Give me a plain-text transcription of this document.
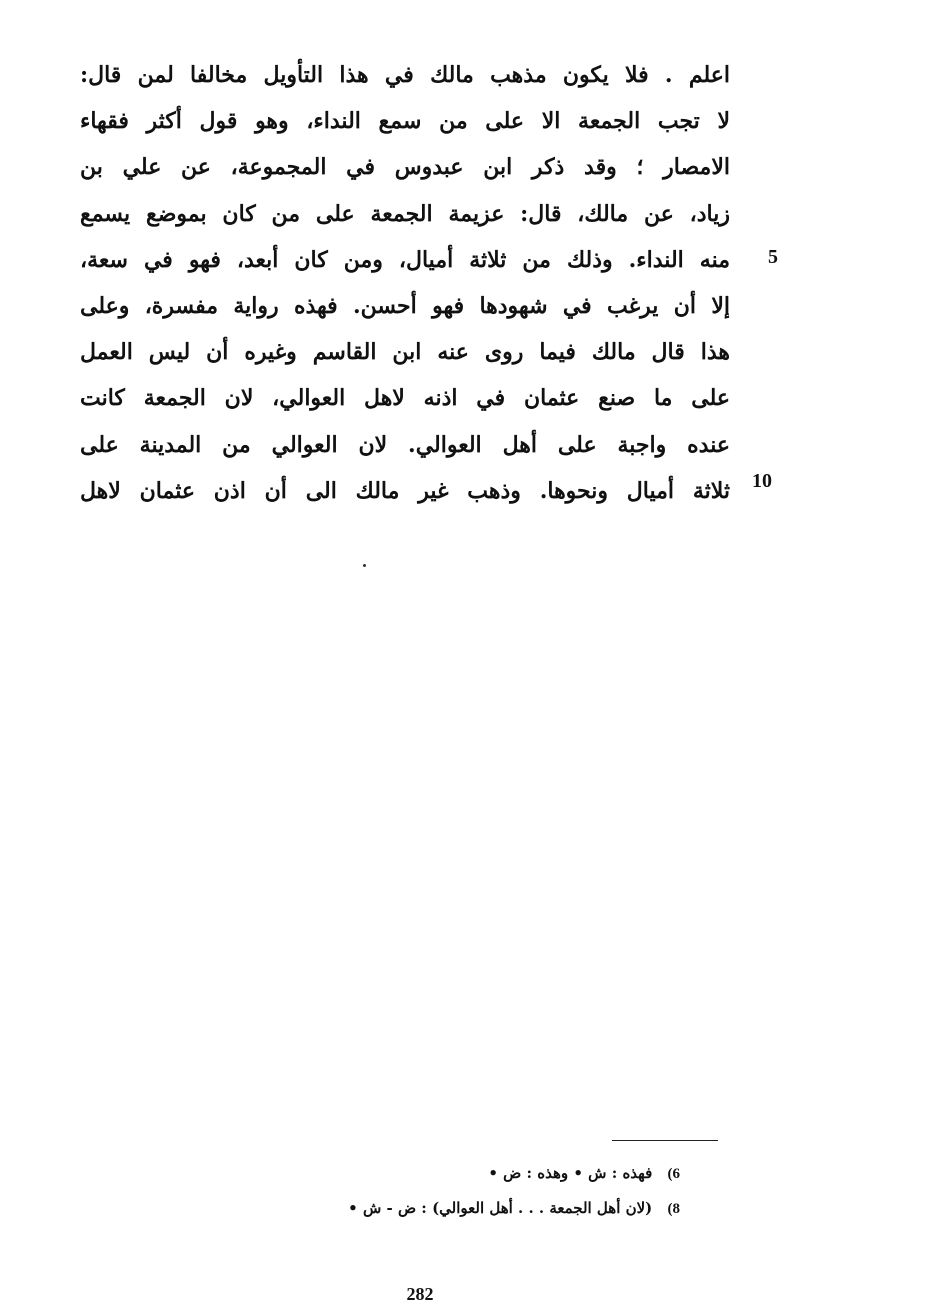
اعلم . فلا يكون مذهب مالك في هذا التأويل مخالفا لمن قال:
لا تجب الجمعة الا على من سمع النداء، وهو قول أكثر فقهاء
الامصار ؛ وقد ذكر ابن عبدوس في المجموعة، عن علي بن
زياد، عن مالك، قال: عزيمة الجمعة على من كان بموضع يسمع
منه النداء. وذلك من ثلاثة أميال، ومن كان أبعد، فهو في سعة،
إلا أن يرغب في شهودها فهو أحسن. فهذه رواية مفسرة، وعلى
هذا قال مالك فيما روى عنه ابن القاسم وغيره أن ليس العمل
على ما صنع عثمان في اذنه لاهل العوالي، لان الجمعة كانت
عنده واجبة على أهل العوالي. لان العوالي من المدينة على
ثلاثة أميال ونحوها. وذهب غير مالك الى أن اذن عثمان لاهل
5
10
6) فهذه : ش • وهذه : ض •
8) (لان أهل الجمعة . . . أهل العوالي) : ض - ش •
282
